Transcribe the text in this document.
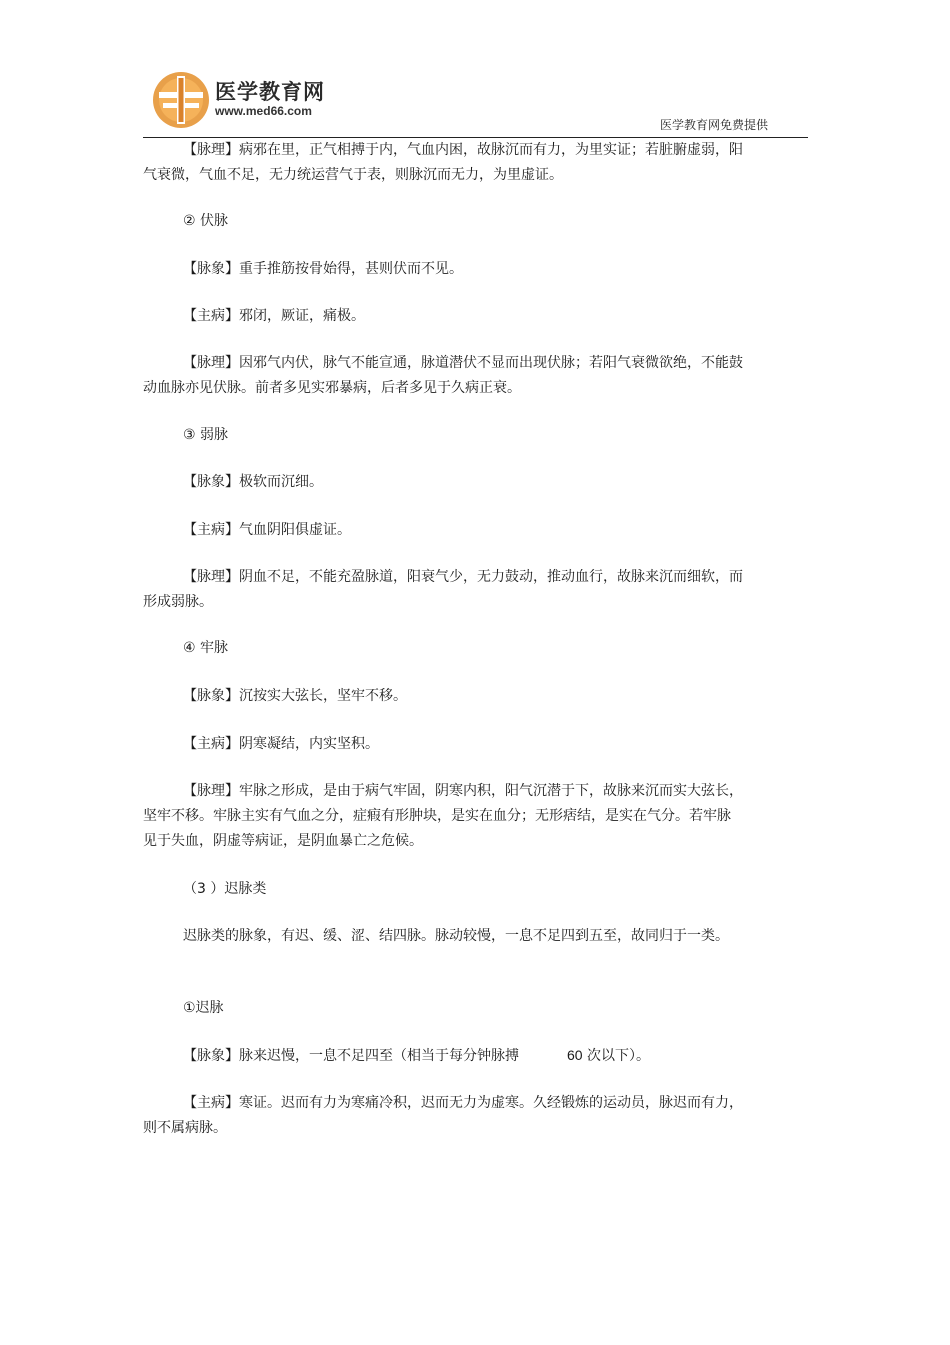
医学教育网
www.med66.com
医学教育网免费提供

【脉理】病邪在里，正气相搏于内，气血内困，故脉沉而有力，为里实证；若脏腑虚弱，阳气衰微，气血不足，无力统运营气于表，则脉沉而无力，为里虚证。

② 伏脉

【脉象】重手推筋按骨始得，甚则伏而不见。

【主病】邪闭，厥证，痛极。

【脉理】因邪气内伏，脉气不能宣通，脉道潜伏不显而出现伏脉；若阳气衰微欲绝，不能鼓动血脉亦见伏脉。前者多见实邪暴病，后者多见于久病正衰。

③ 弱脉

【脉象】极软而沉细。

【主病】气血阴阳俱虚证。

【脉理】阴血不足，不能充盈脉道，阳衰气少，无力鼓动，推动血行，故脉来沉而细软，而形成弱脉。

④ 牢脉

【脉象】沉按实大弦长，坚牢不移。

【主病】阴寒凝结，内实坚积。

【脉理】牢脉之形成，是由于病气牢固，阴寒内积，阳气沉潜于下，故脉来沉而实大弦长，坚牢不移。牢脉主实有气血之分，症瘕有形肿块，是实在血分；无形痞结，是实在气分。若牢脉见于失血，阴虚等病证，是阴血暴亡之危候。

（3 ）迟脉类

迟脉类的脉象，有迟、缓、涩、结四脉。脉动较慢，一息不足四到五至，故同归于一类。

①迟脉

【脉象】脉来迟慢，一息不足四至（相当于每分钟脉搏	60 次以下）。

【主病】寒证。迟而有力为寒痛冷积，迟而无力为虚寒。久经锻炼的运动员，脉迟而有力，则不属病脉。
